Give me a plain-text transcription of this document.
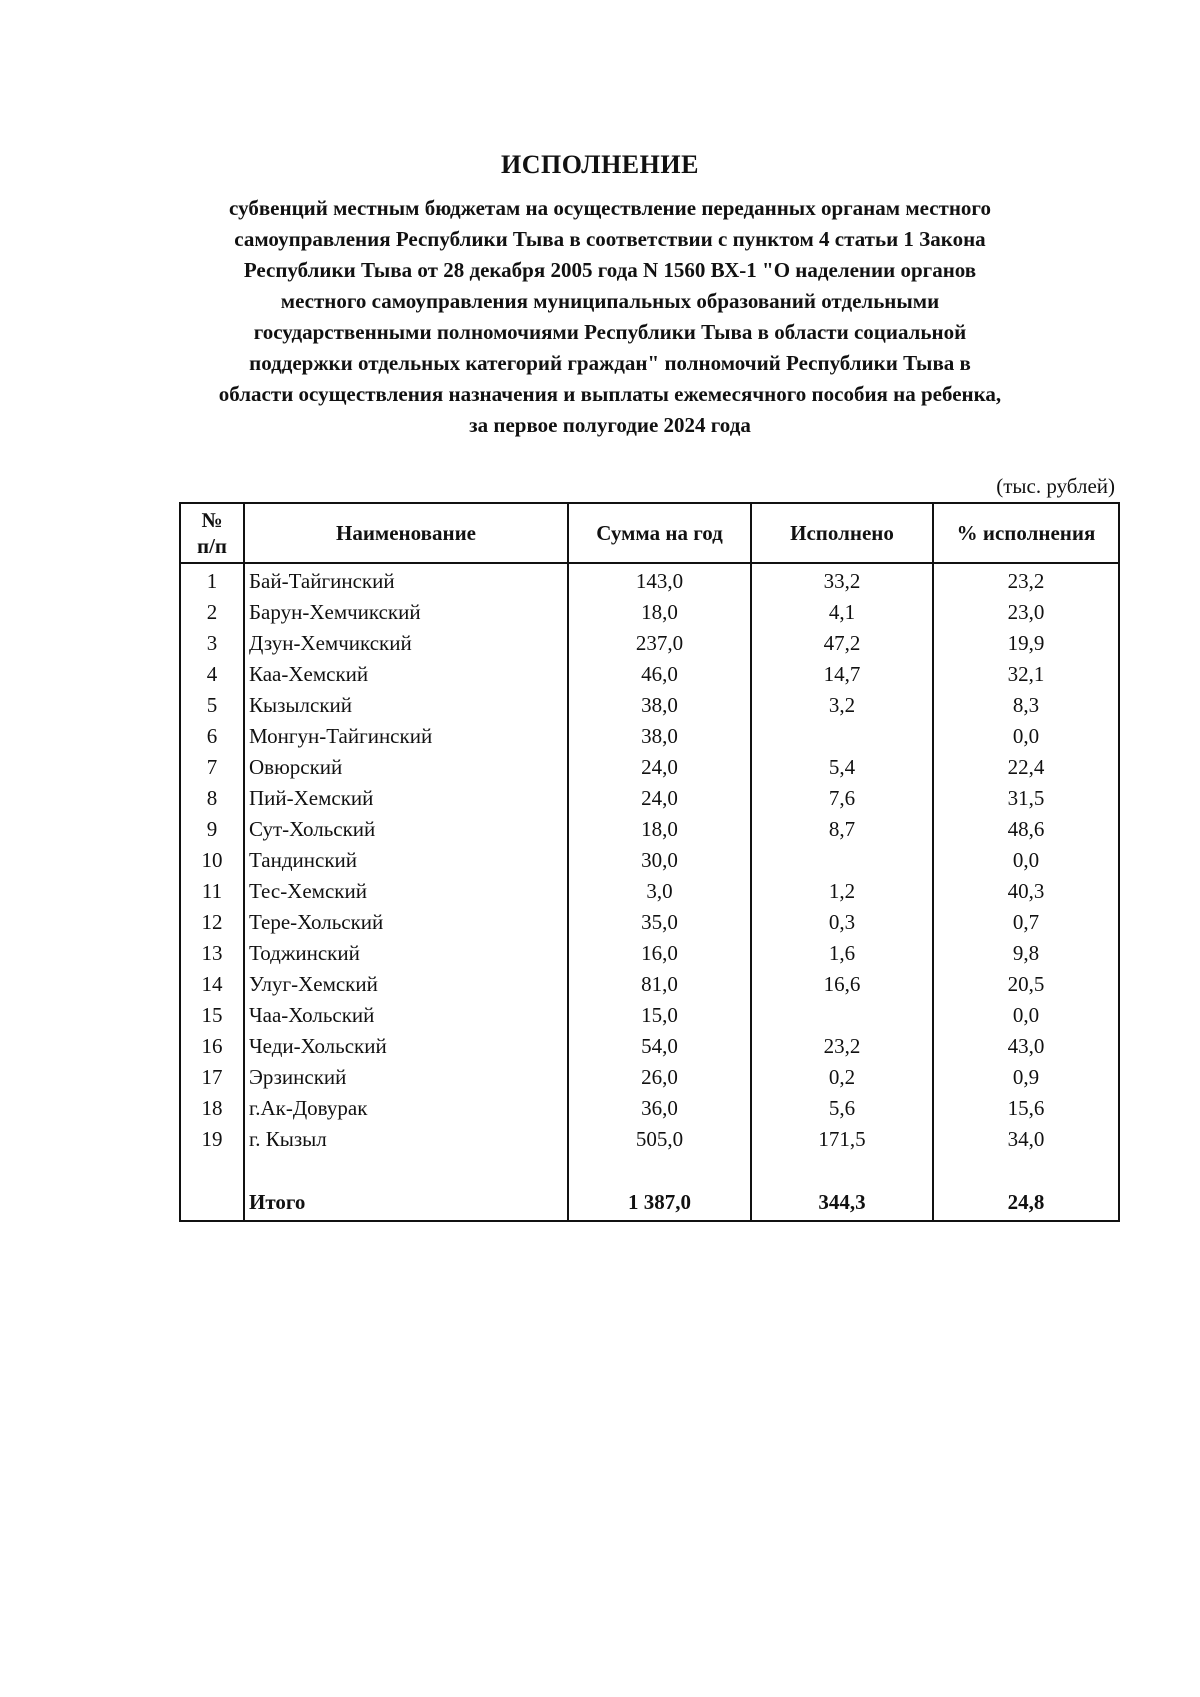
ИСПОЛНЕНИЕ
субвенций местным бюджетам на осуществление переданных органам местного
самоуправления Республики Тыва в соответствии с пунктом 4 статьи 1 Закона
Республики Тыва от 28 декабря 2005 года N 1560 ВХ-1 "О наделении органов
местного самоуправления муниципальных образований отдельными
государственными полномочиями Республики Тыва в области социальной
поддержки отдельных категорий граждан" полномочий Республики Тыва в
области осуществления назначения и выплаты ежемесячного пособия на ребенка,
за первое полугодие 2024 года
(тыс. рублей)
№
п/п	Наименование	Сумма на год	Исполнено	% исполнения
1	Бай-Тайгинский	143,0	33,2	23,2
2	Барун-Хемчикский	18,0	4,1	23,0
3	Дзун-Хемчикский	237,0	47,2	19,9
4	Каа-Хемский	46,0	14,7	32,1
5	Кызылский	38,0	3,2	8,3
6	Монгун-Тайгинский	38,0		0,0
7	Овюрский	24,0	5,4	22,4
8	Пий-Хемский	24,0	7,6	31,5
9	Сут-Хольский	18,0	8,7	48,6
10	Тандинский	30,0		0,0
11	Тес-Хемский	3,0	1,2	40,3
12	Тере-Хольский	35,0	0,3	0,7
13	Тоджинский	16,0	1,6	9,8
14	Улуг-Хемский	81,0	16,6	20,5
15	Чаа-Хольский	15,0		0,0
16	Чеди-Хольский	54,0	23,2	43,0
17	Эрзинский	26,0	0,2	0,9
18	г.Ак-Довурак	36,0	5,6	15,6
19	г. Кызыл	505,0	171,5	34,0

	Итого	1 387,0	344,3	24,8
